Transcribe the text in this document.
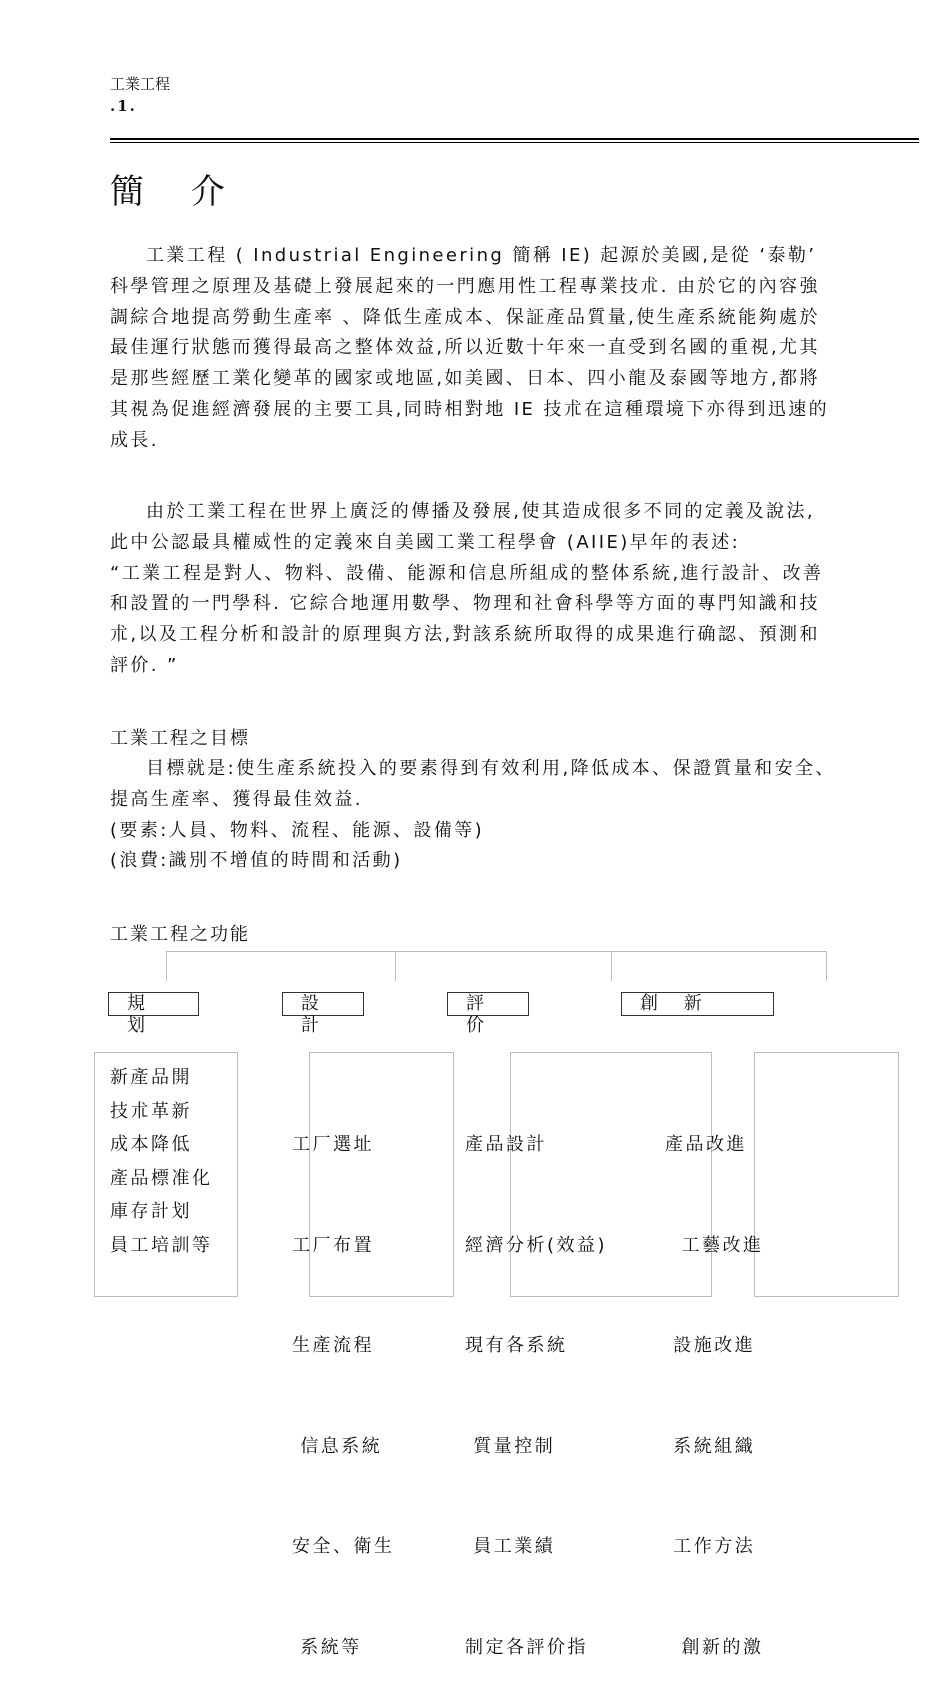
工業工程
.1.
簡 介
工業工程 ( Industrial Engineering 簡稱 IE) 起源於美國,是從 ‘泰勒’
科學管理之原理及基礎上發展起來的一門應用性工程專業技朮. 由於它的內容強
調綜合地提高勞動生產率 、降低生產成本、保証產品質量,使生產系統能夠處於
最佳運行狀態而獲得最高之整体效益,所以近數十年來一直受到名國的重視,尤其
是那些經歷工業化變革的國家或地區,如美國、日本、四小龍及泰國等地方,都將
其視為促進經濟發展的主要工具,同時相對地 IE 技朮在這種環境下亦得到迅速的
成長.
由於工業工程在世界上廣泛的傳播及發展,使其造成很多不同的定義及說法,
此中公認最具權威性的定義來自美國工業工程學會 (AIIE)早年的表述:
“工業工程是對人、物料、設備、能源和信息所組成的整体系統,進行設計、改善
和設置的一門學科. 它綜合地運用數學、物理和社會科學等方面的專門知識和技
朮,以及工程分析和設計的原理與方法,對該系統所取得的成果進行确認、預測和
評价. ”
工業工程之目標
目標就是:使生產系統投入的要素得到有效利用,降低成本、保證質量和安全、
提高生產率、獲得最佳效益.
(要素:人員、物料、流程、能源、設備等)
(浪費:識別不增值的時間和活動)
工業工程之功能
規 划
設 計
評 价
創 新
新產品開
技朮革新
成本降低
產品標准化
庫存計划
員工培訓等

工厂選址

工厂布置

生產流程

信息系統

安全、衛生

系統等

產品設計

經濟分析(效益)

現有各系統

質量控制

員工業績

制定各評价指

產品改進

工藝改進

設施改進

系統組織

工作方法

創新的激
